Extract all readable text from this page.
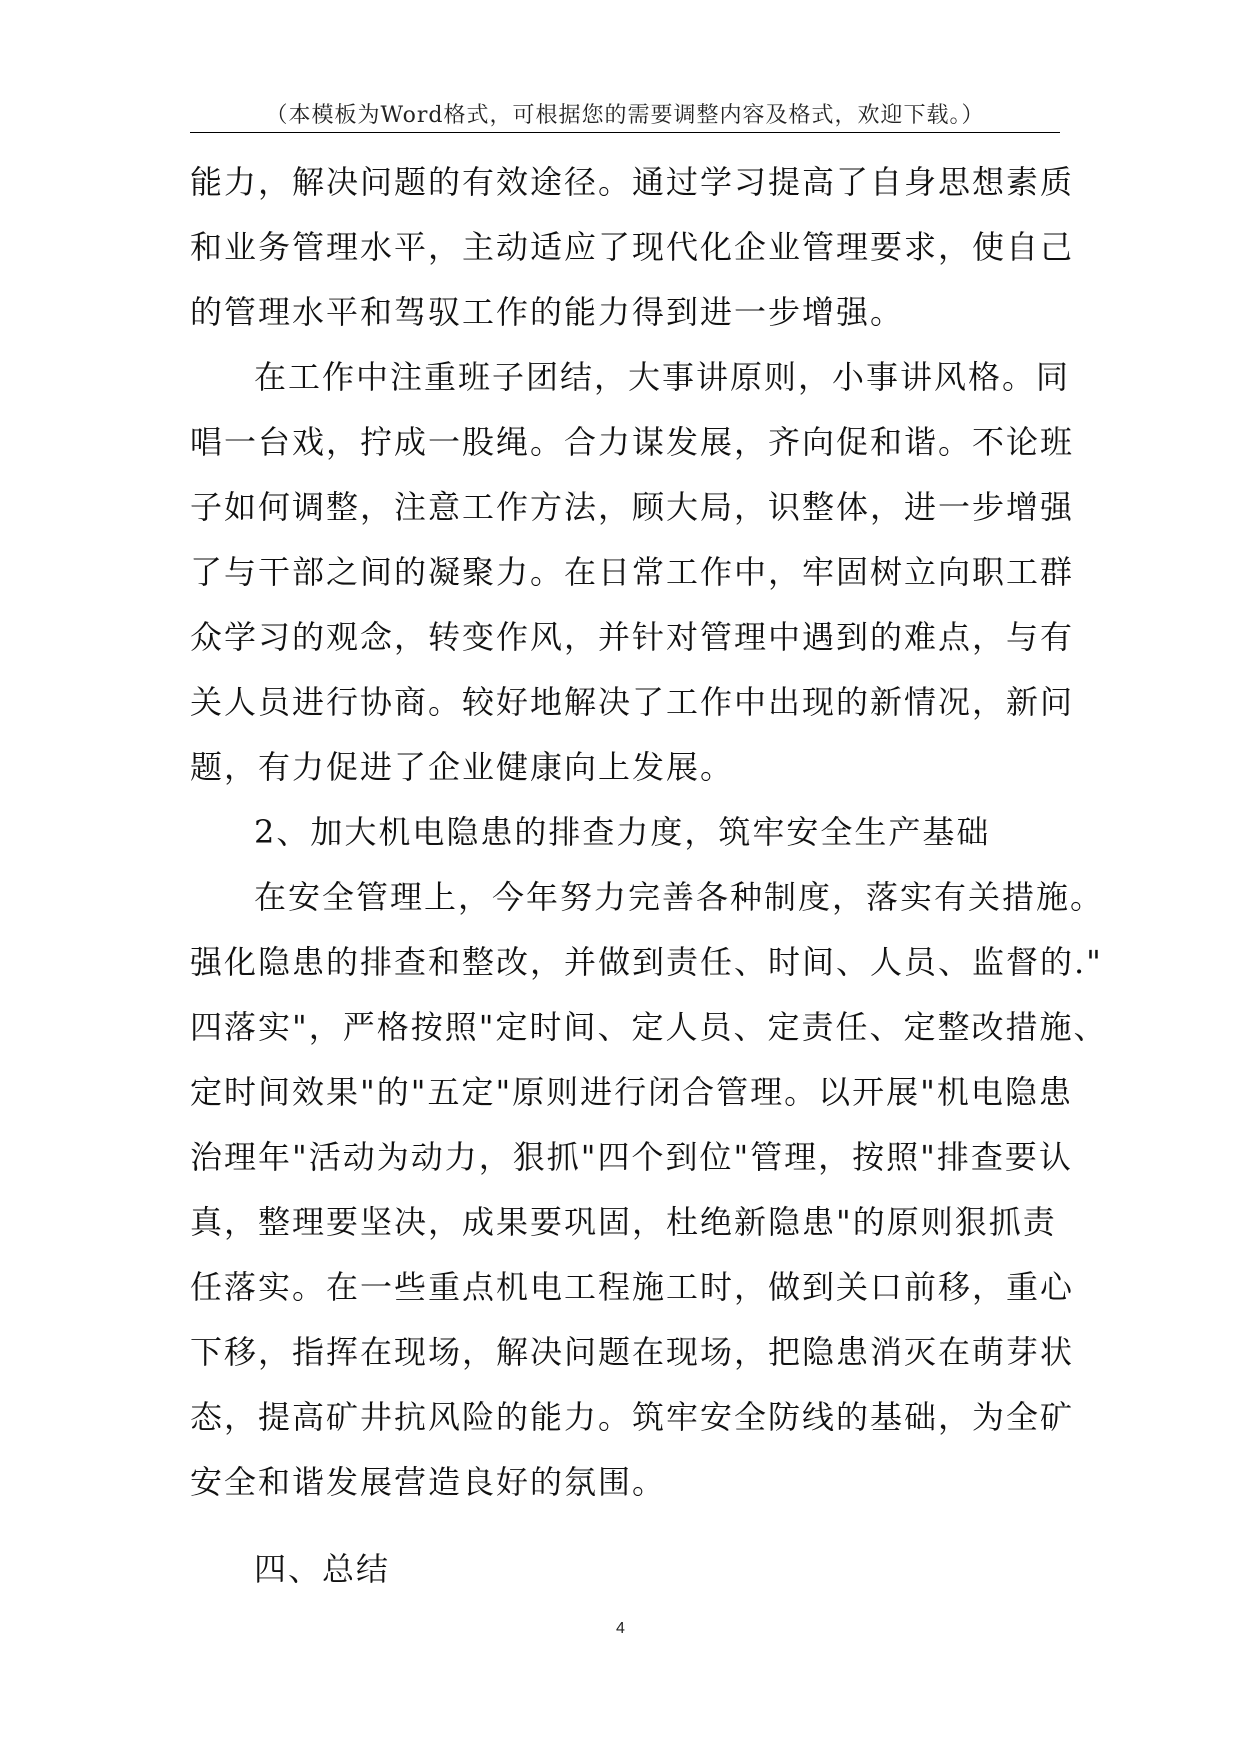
（本模板为Word格式，可根据您的需要调整内容及格式，欢迎下载。）
能力，解决问题的有效途径。通过学习提高了自身思想素质
和业务管理水平，主动适应了现代化企业管理要求，使自己
的管理水平和驾驭工作的能力得到进一步增强。
在工作中注重班子团结，大事讲原则，小事讲风格。同
唱一台戏，拧成一股绳。合力谋发展，齐向促和谐。不论班
子如何调整，注意工作方法，顾大局，识整体，进一步增强
了与干部之间的凝聚力。在日常工作中，牢固树立向职工群
众学习的观念，转变作风，并针对管理中遇到的难点，与有
关人员进行协商。较好地解决了工作中出现的新情况，新问
题，有力促进了企业健康向上发展。
2、加大机电隐患的排查力度，筑牢安全生产基础
在安全管理上，今年努力完善各种制度，落实有关措施。
强化隐患的排查和整改，并做到责任、时间、人员、监督的."
四落实"，严格按照"定时间、定人员、定责任、定整改措施、
定时间效果"的"五定"原则进行闭合管理。以开展"机电隐患
治理年"活动为动力，狠抓"四个到位"管理，按照"排查要认
真，整理要坚决，成果要巩固，杜绝新隐患"的原则狠抓责
任落实。在一些重点机电工程施工时，做到关口前移，重心
下移，指挥在现场，解决问题在现场，把隐患消灭在萌芽状
态，提高矿井抗风险的能力。筑牢安全防线的基础，为全矿
安全和谐发展营造良好的氛围。
四、总结
4
